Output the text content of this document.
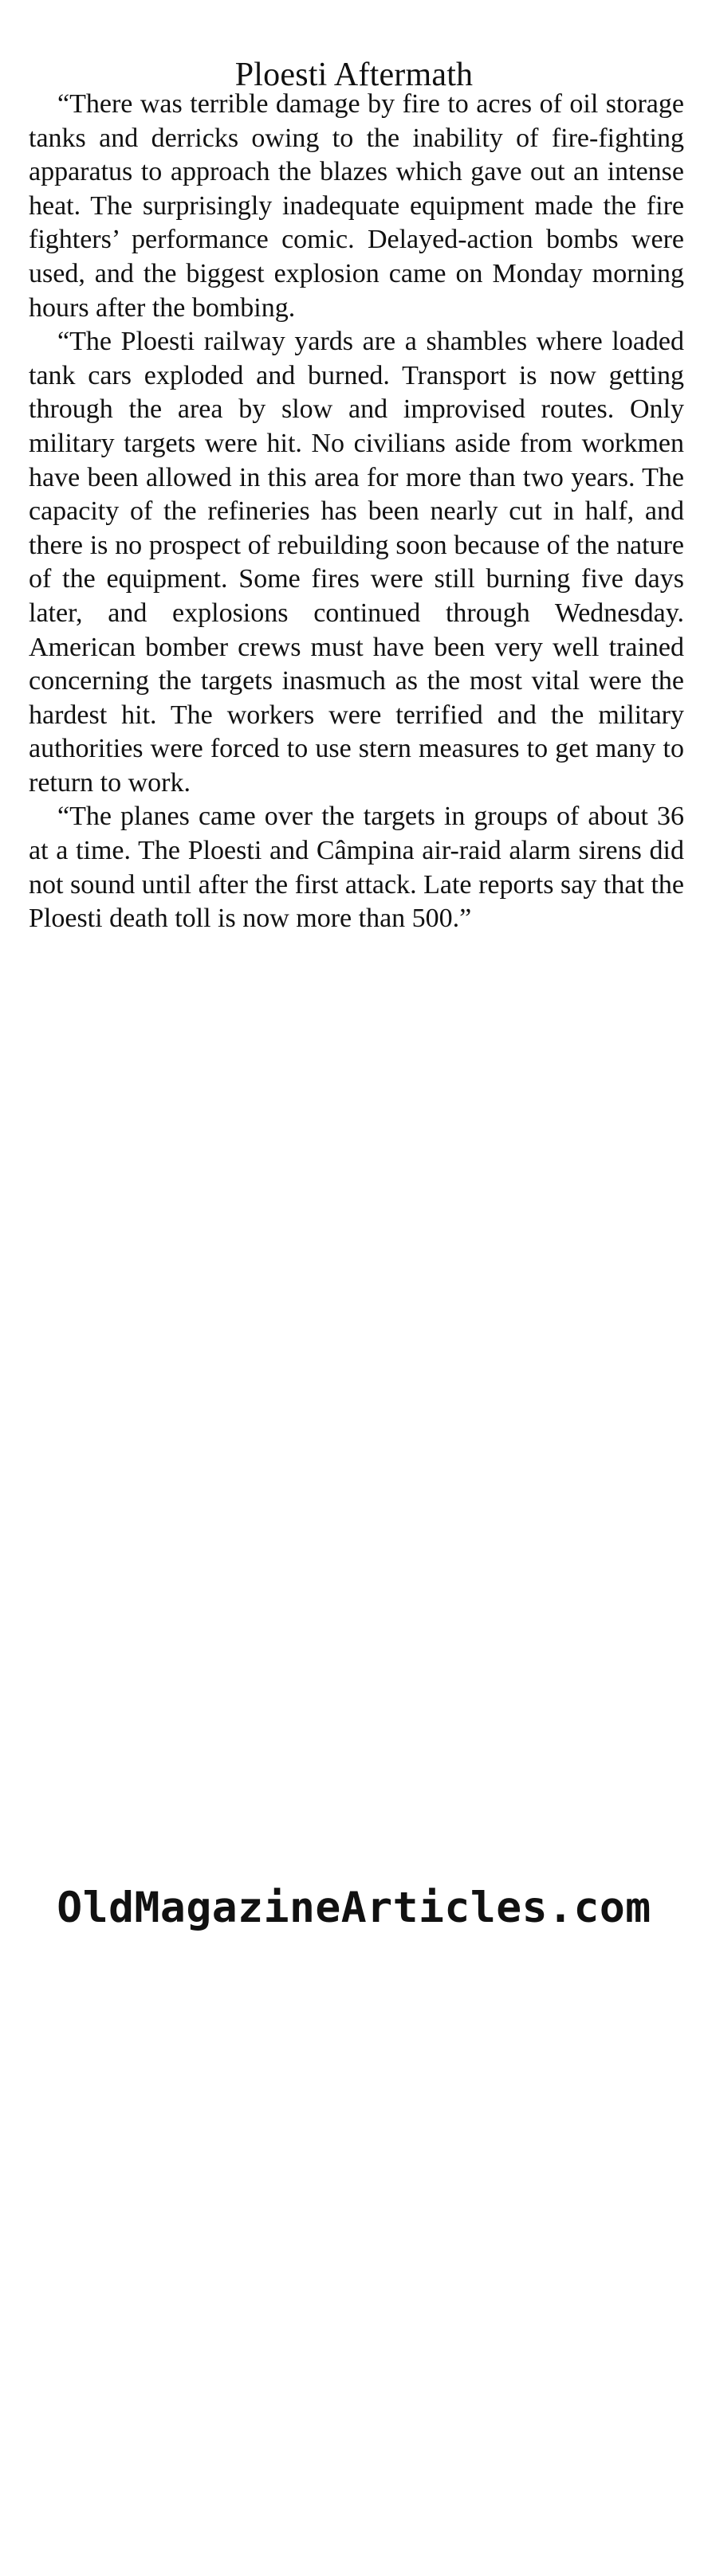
Ploesti Aftermath

“There was terrible damage by fire to acres of oil storage tanks and derricks owing to the inability of fire-fighting apparatus to approach the blazes which gave out an intense heat. The surprisingly inadequate equipment made the fire fighters’ performance comic. Delayed-action bombs were used, and the biggest explosion came on Monday morning hours after the bombing.

“The Ploesti railway yards are a shambles where loaded tank cars exploded and burned. Transport is now getting through the area by slow and improvised routes. Only military targets were hit. No civilians aside from workmen have been allowed in this area for more than two years. The capacity of the refineries has been nearly cut in half, and there is no prospect of rebuilding soon because of the nature of the equipment. Some fires were still burning five days later, and explosions continued through Wednesday. American bomber crews must have been very well trained concerning the targets inasmuch as the most vital were the hardest hit. The workers were terrified and the military authorities were forced to use stern measures to get many to return to work.

“The planes came over the targets in groups of about 36 at a time. The Ploesti and Câmpina air-raid alarm sirens did not sound until after the first attack. Late reports say that the Ploesti death toll is now more than 500.”

OldMagazineArticles.com
